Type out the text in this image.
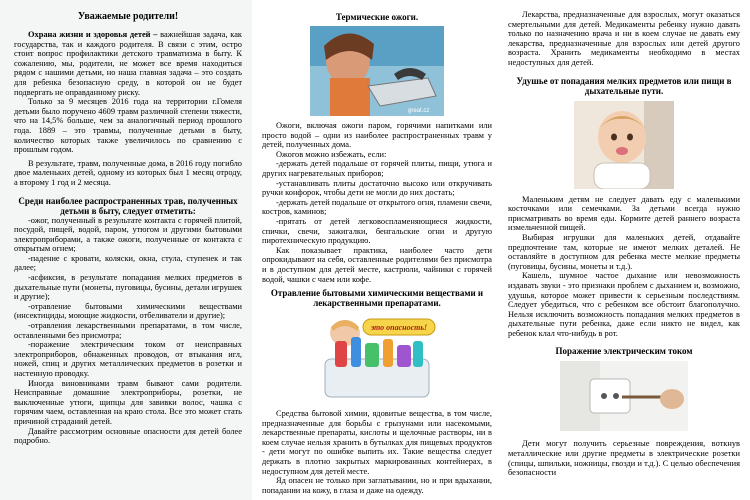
Уважаемые родители!

Охрана жизни и здоровья детей – важнейшая задача, как государства, так и каждого родителя. В связи с этим, остро стоит вопрос профилактики детского травматизма в быту. К сожалению, мы, родители, не может все время находиться рядом с нашими детьми, но наша главная задача – это создать для ребенка безопасную среду, в которой он не будет подвергать не оправданному риску.

Только за 9 месяцев 2016 года на территории г.Гомеля детьми было поручено 4609 травм различной степени тяжести, что на 14,5% больше, чем за аналогичный период прошлого года. 1889 – это травмы, полученные детьми в быту, количество которых также увеличилось по сравнению с прошлым годом.

В результате, травм, полученные дома, в 2016 году погибло двое маленьких детей, одному из которых был 1 месяц отроду, а второму 1 год и 2 месяца.

Среди наиболее распространенных трав, полученных детьми в быту, следует отметить:

-ожог, полученный в результате контакта с горячей плитой, посудой, пищей, водой, паром, утюгом и другими бытовыми электроприборами, а также ожоги, полученные от контакта с открытым огнем;

-падение с кровати, коляски, окна, стула, ступенек и так далее;

-асфиксия, в результате попадания мелких предметов в дыхательные пути (монеты, пуговицы, бусины, детали игрушек и другие);

-отравление бытовыми химическими веществами (инсектициды, моющие жидкости, отбеливатели и другие);

-отравления лекарственными препаратами, в том числе, оставленными без присмотра;

-поражение электрическим током от неисправных электроприборов, обнаженных проводов, от втыкания игл, ножей, спиц и других металлических предметов в розетки и настенную проводку.

Иногда виновниками травм бывают сами родители. Неисправные домашние электроприборы, розетки, не выключенные утюги, щипцы для завивки волос, чашка с горячим чаем, оставленная на краю стола. Все это может стать причиной страданий детей.

Давайте рассмотрим основные опасности для детей более подробно.

Термические ожоги.
great.cz

Ожоги, включая ожоги паром, горячими напитками или просто водой – одни из наиболее распространенных травм у детей, полученных дома.

Ожогов можно избежать, если:

-держать детей подальше от горячей плиты, пищи, утюга и других нагревательных приборов;

-устанавливать плиты достаточно высоко или откручивать ручки конфорок, чтобы дети не могли до них достать;

-держать детей подальше от открытого огня, пламени свечи, костров, каминов;

-прятать от детей легковоспламеняющиеся жидкости, спички, свечи, зажигалки, бенгальские огни и другую пиротехническую продукцию.

Как показывает практика, наиболее часто дети опрокидывают на себя, оставленные родителями без присмотра и в доступном для детей месте, кастрюли, чайники с горячей водой, чашки с чаем или кофе.

Отравление бытовыми химическими веществами и лекарственными препаратами.
это опасность!

Средства бытовой химии, ядовитые вещества, в том числе, предназначенные для борьбы с грызунами или насекомыми, лекарственные препараты, кислоты и щелочные растворы, ни в коем случае нельзя хранить в бутылках для пищевых продуктов - дети могут по ошибке выпить их. Такие вещества следует держать в плотно закрытых маркированных контейнерах, в недоступном для детей месте.

Яд опасен не только при заглатывании, но и при вдыхании, попадании на кожу, в глаза и даже на одежду.

Лекарства, предназначенные для взрослых, могут оказаться смертельными для детей. Медикаменты ребенку нужно давать только по назначению врача и ни в коем случае не давать ему лекарства, предназначенные для взрослых или детей другого возраста. Хранить медикаменты необходимо в местах недоступных для детей.

Удушье от попадания мелких предметов или пищи в дыхательные пути.

Маленьким детям не следует давать еду с маленькими косточками или семечками. За детьми всегда нужно присматривать во время еды. Кормите детей раннего возраста измельченной пищей.

Выбирая игрушки для маленьких детей, отдавайте предпочтение там, которые не имеют мелких деталей. Не оставляйте в доступном для ребенка месте мелкие предметы (пуговицы, бусины, монеты и т.д.).

Кашель, шумное частое дыхание или невозможность издавать звуки - это признаки проблем с дыханием и, возможно, удушья, которое может привести к серьезным последствиям. Следует убедиться, что с ребенком все обстоит благополучно. Нельзя исключить возможность попадания мелких предметов в дыхательные пути ребенка, даже если никто не видел, как ребенок клал что-нибудь в рот.

Поражение электрическим током

Дети могут получить серьезные повреждения, воткнув металлические или другие предметы в электрические розетки (спицы, шпильки, ножницы, гвозди и т.д.). С целью обеспечения безопасности
